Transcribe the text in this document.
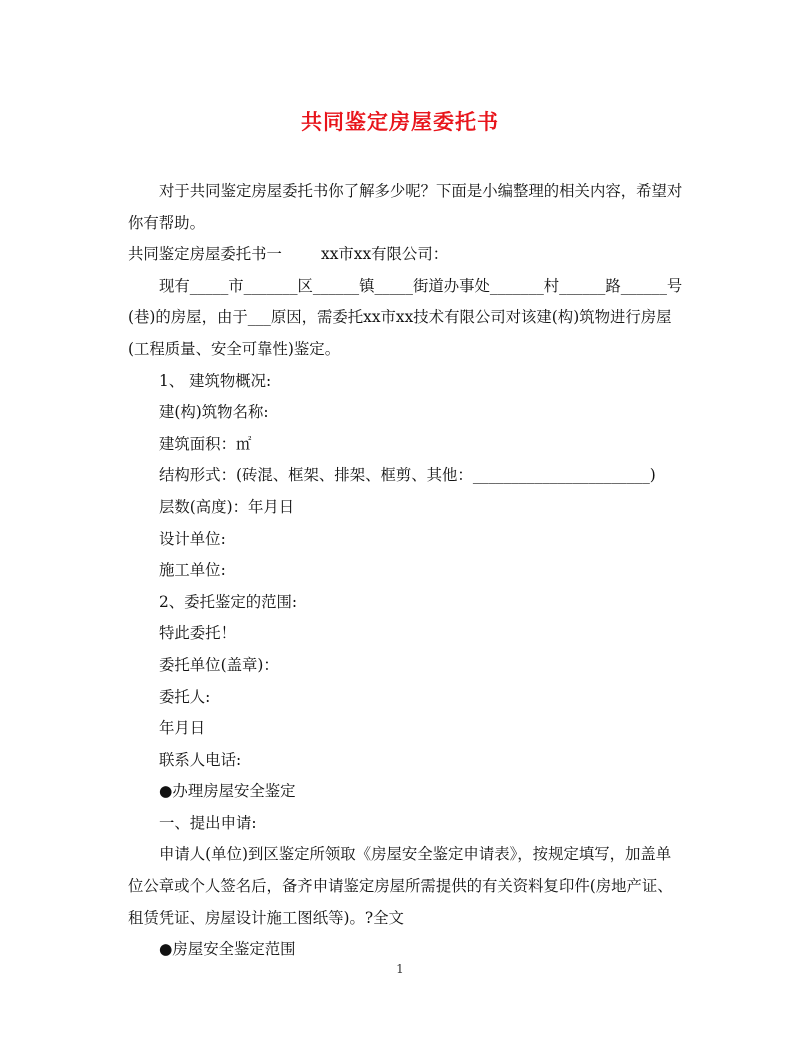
共同鉴定房屋委托书

对于共同鉴定房屋委托书你了解多少呢？下面是小编整理的相关内容，希望对你有帮助。

共同鉴定房屋委托书一        xx市xx有限公司：

现有_____市_______区______镇_____街道办事处_______村______路______号(巷)的房屋，由于___原因，需委托xx市xx技术有限公司对该建(构)筑物进行房屋(工程质量、安全可靠性)鉴定。

1、 建筑物概况:

建(构)筑物名称:

建筑面积：㎡

结构形式：(砖混、框架、排架、框剪、其他：_______________________)

层数(高度)：年月日

设计单位:

施工单位:

2、委托鉴定的范围:

特此委托！

委托单位(盖章)：

委托人:

年月日

联系人电话:

●办理房屋安全鉴定

一、提出申请:

申请人(单位)到区鉴定所领取《房屋安全鉴定申请表》，按规定填写，加盖单位公章或个人签名后，备齐申请鉴定房屋所需提供的有关资料复印件(房地产证、租赁凭证、房屋设计施工图纸等)。?全文

●房屋安全鉴定范围

1
